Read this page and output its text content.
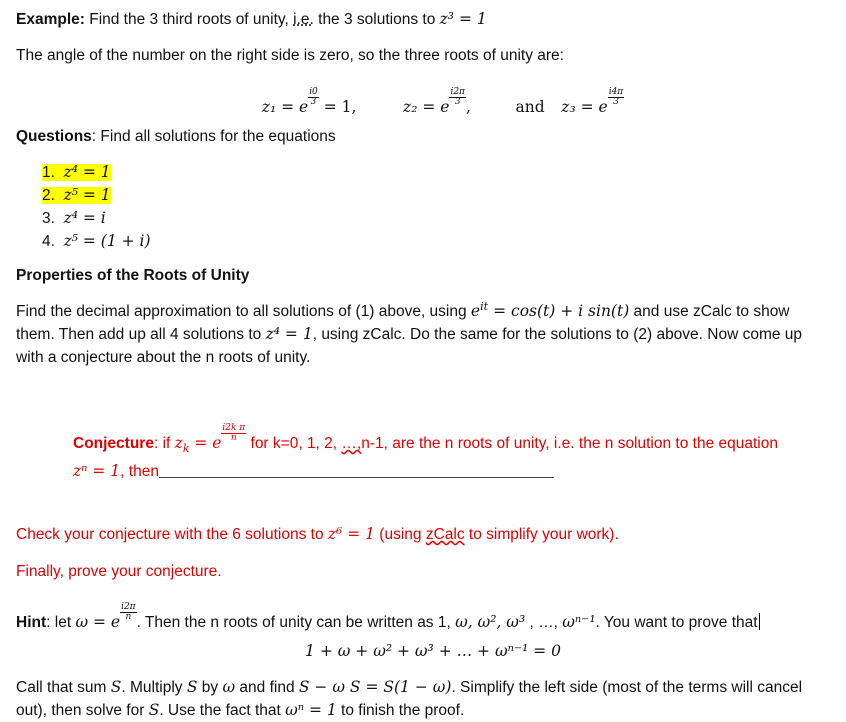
Example: Find the 3 third roots of unity, i.e. the 3 solutions to z³ = 1
The angle of the number on the right side is zero, so the three roots of unity are:
z₁ = e
$\frac{i0}{3}$
= 1,	z₂ = e
$\frac{i2\pi}{3}$
,	and z₃ = e
$\frac{i4\pi}{3}$
Questions: Find all solutions for the equations
1. z⁴ = 1
2. z⁵ = 1
3. z⁴ = i
4. z⁵ = (1 + i)
Properties of the Roots of Unity
Find the decimal approximation to all solutions of (1) above, using $e^{it} = \cos(t) + i$ sin(t) and use zCalc to show them. Then add up all 4 solutions to z⁴ = 1, using zCalc. Do the same for the solutions to (2) above. Now come up with a conjecture about the n roots of unity.
Conjecture: if $z_k = e$
$\frac{\text{i2k π}}{n}$
for k=0, 1, 2, …,n-1, are the n roots of unity, i.e. the n solution to the equation
zⁿ = 1, then
Check your conjecture with the 6 solutions to z⁶ = 1 (using zCalc to simplify your work).
Finally, prove your conjecture.
Hint: let ω = e
$\frac{i2\pi}{n}$
. Then the n roots of unity can be written as 1, ω, ω², ω³ , …, ωⁿ⁻¹. You want to prove that
1 + ω + ω² + ω³ + … + ωⁿ⁻¹ = 0
Call that sum S. Multiply S by ω and find S − ω S = S(1 − ω). Simplify the left side (most of the terms will cancel out), then solve for S. Use the fact that ωⁿ = 1 to finish the proof.
